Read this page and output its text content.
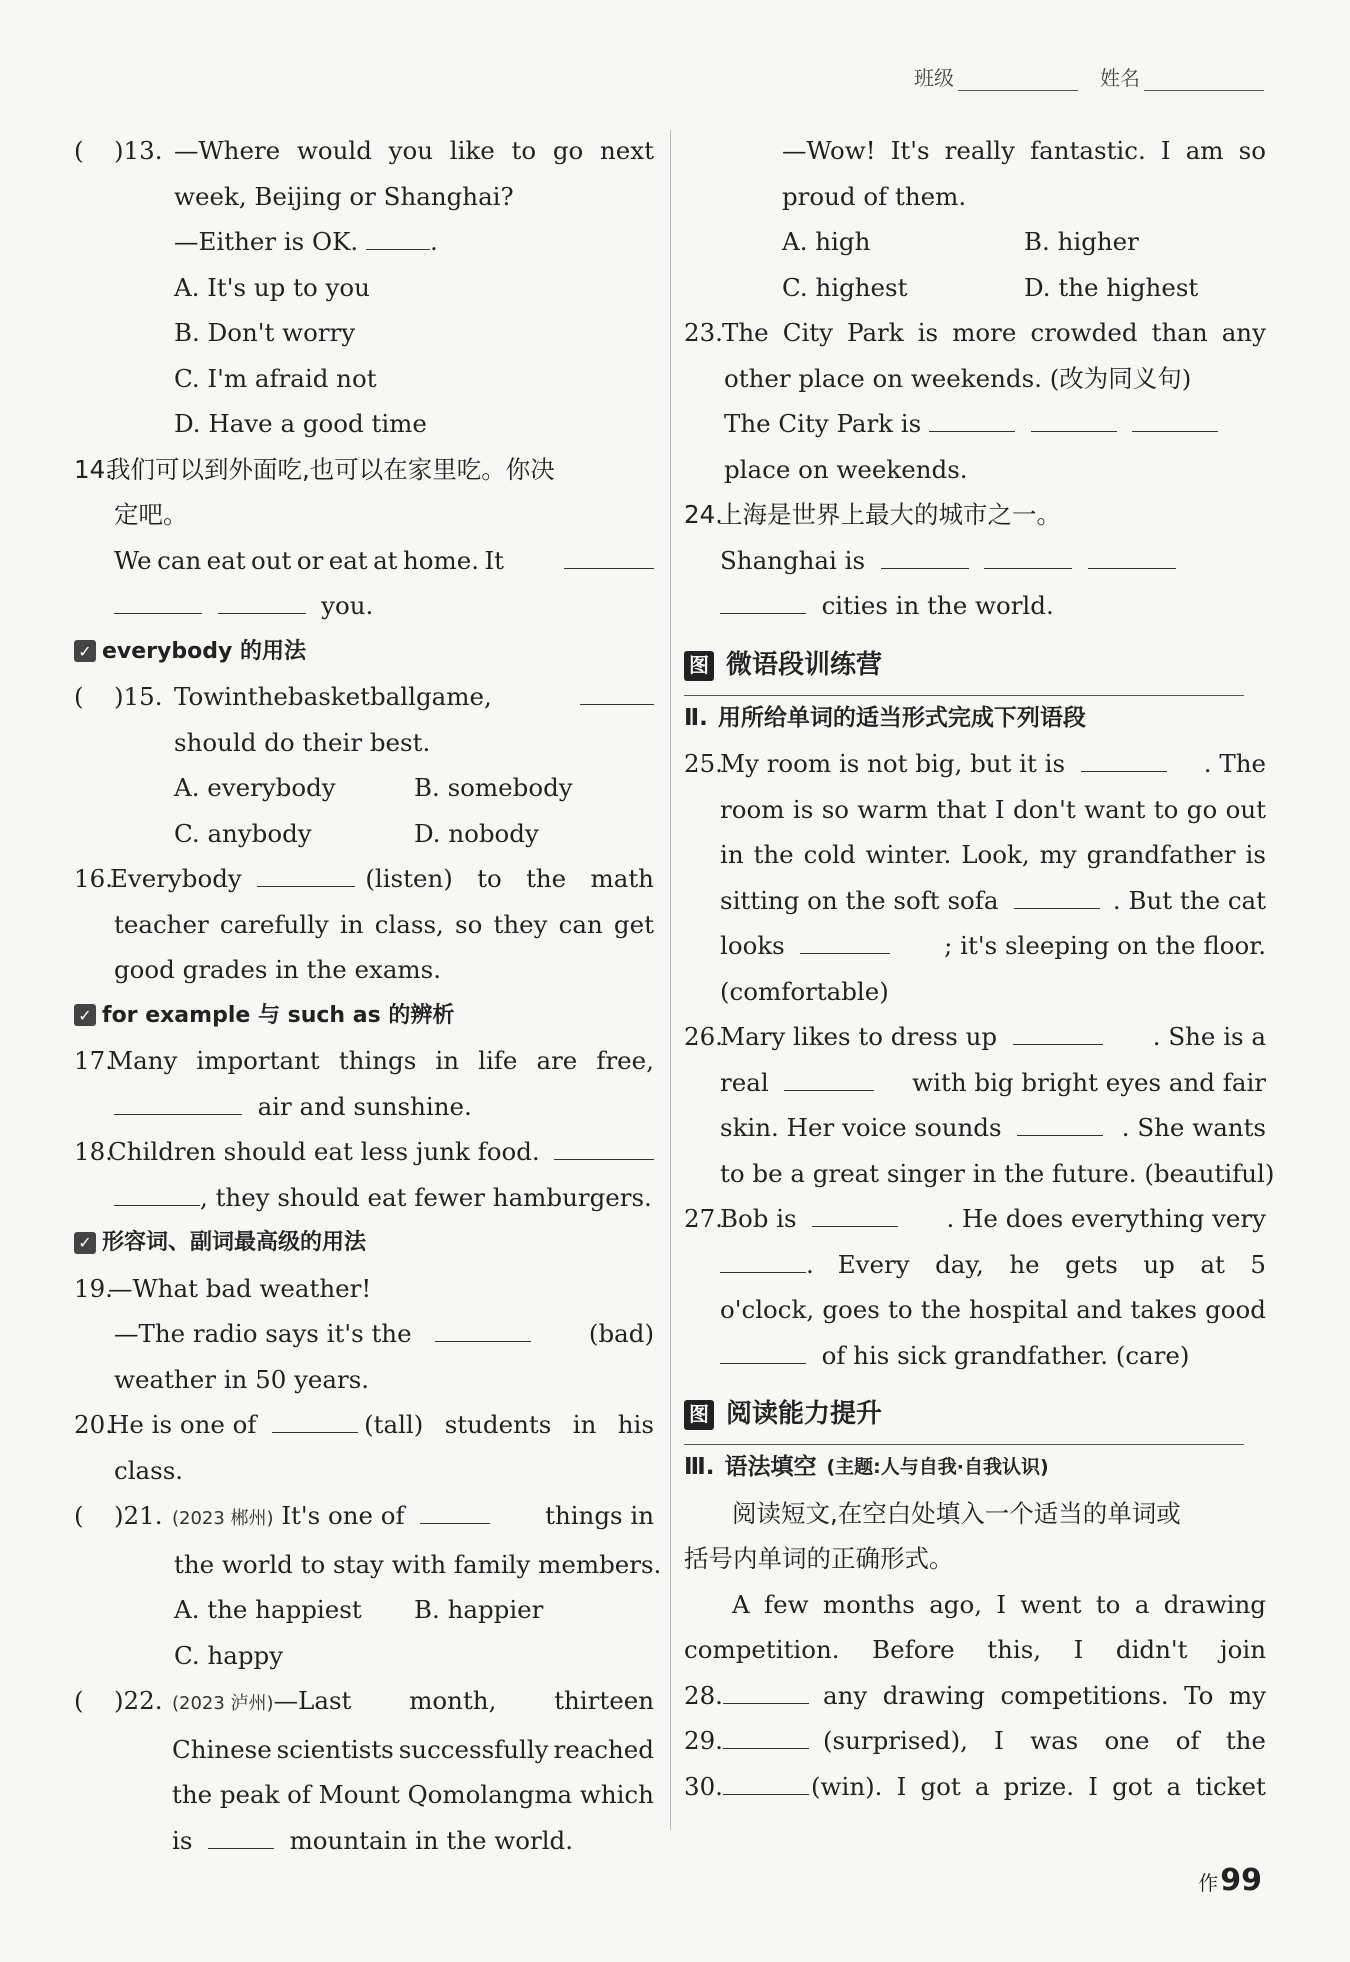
班级	姓名
(	)13. —Where would you like to go next
week, Beijing or Shanghai?
—Either is OK.
	.
A. It's up to you
B. Don't worry
C. I'm afraid not
D. Have a good time
14.
我们可以到外面吃,也可以在家里吃。你决
定吧。
We can eat out or eat at home. It

you.
✓ everybody 的用法
(	)15. To win the basketball game,
should do their best.
A. everybody	B. somebody
C. anybody	D. nobody
16.
Everybody
	(listen) to the math
teacher carefully in class, so they can get
good grades in the exams.
✓ for example 与 such as 的辨析
17.
Many important things in life are free,

air and sunshine.
18.
Children should eat less junk food.
, they should eat fewer hamburgers.
✓ 形容词、副词最高级的用法
19.
—What bad weather!
—The radio says it's the
	(bad)
weather in 50 years.
20.
He is one of
	(tall) students in his
class.
(	)21. (2023 郴州)
It's one of
	things in
the world to stay with family members.
A. the happiest	B. happier
C. happy
(	)22. (2023 泸州) —Last month, thirteen
Chinese scientists successfully reached
the peak of Mount Qomolangma which
is

	mountain in the world.
—Wow! It's really fantastic. I am so
proud of them.
A. high	B. higher
C. highest	D. the highest
23. The City Park is more crowded than any
other place on weekends. (改为同义句)
The City Park is

place on weekends.
24.
上海是世界上最大的城市之一。
Shanghai is

cities in the world.
图 微语段训练营
Ⅱ. 用所给单词的适当形式完成下列语段
25.
My room is not big, but it is
	. The
room is so warm that I don't want to go out
in the cold winter. Look, my grandfather is
sitting on the soft sofa
	. But the cat
looks
	; it's sleeping on the floor.
(comfortable)
26.
Mary likes to dress up
	. She is a
real
	with big bright eyes and fair
skin. Her voice sounds
	. She wants
to be a great singer in the future. (beautiful)
27.
Bob is
	. He does everything very
. Every day, he gets up at 5
o'clock, goes to the hospital and takes good

of his sick grandfather. (care)
图 阅读能力提升
Ⅲ. 语法填空 (主题:人与自我·自我认识)
阅读短文,在空白处填入一个适当的单词或
括号内单词的正确形式。
A few months ago, I went to a drawing
competition. Before this, I didn't join
28.	any drawing competitions. To my
29.	(surprised), I was one of the
30.	(win). I got a prize. I got a ticket
作 99
